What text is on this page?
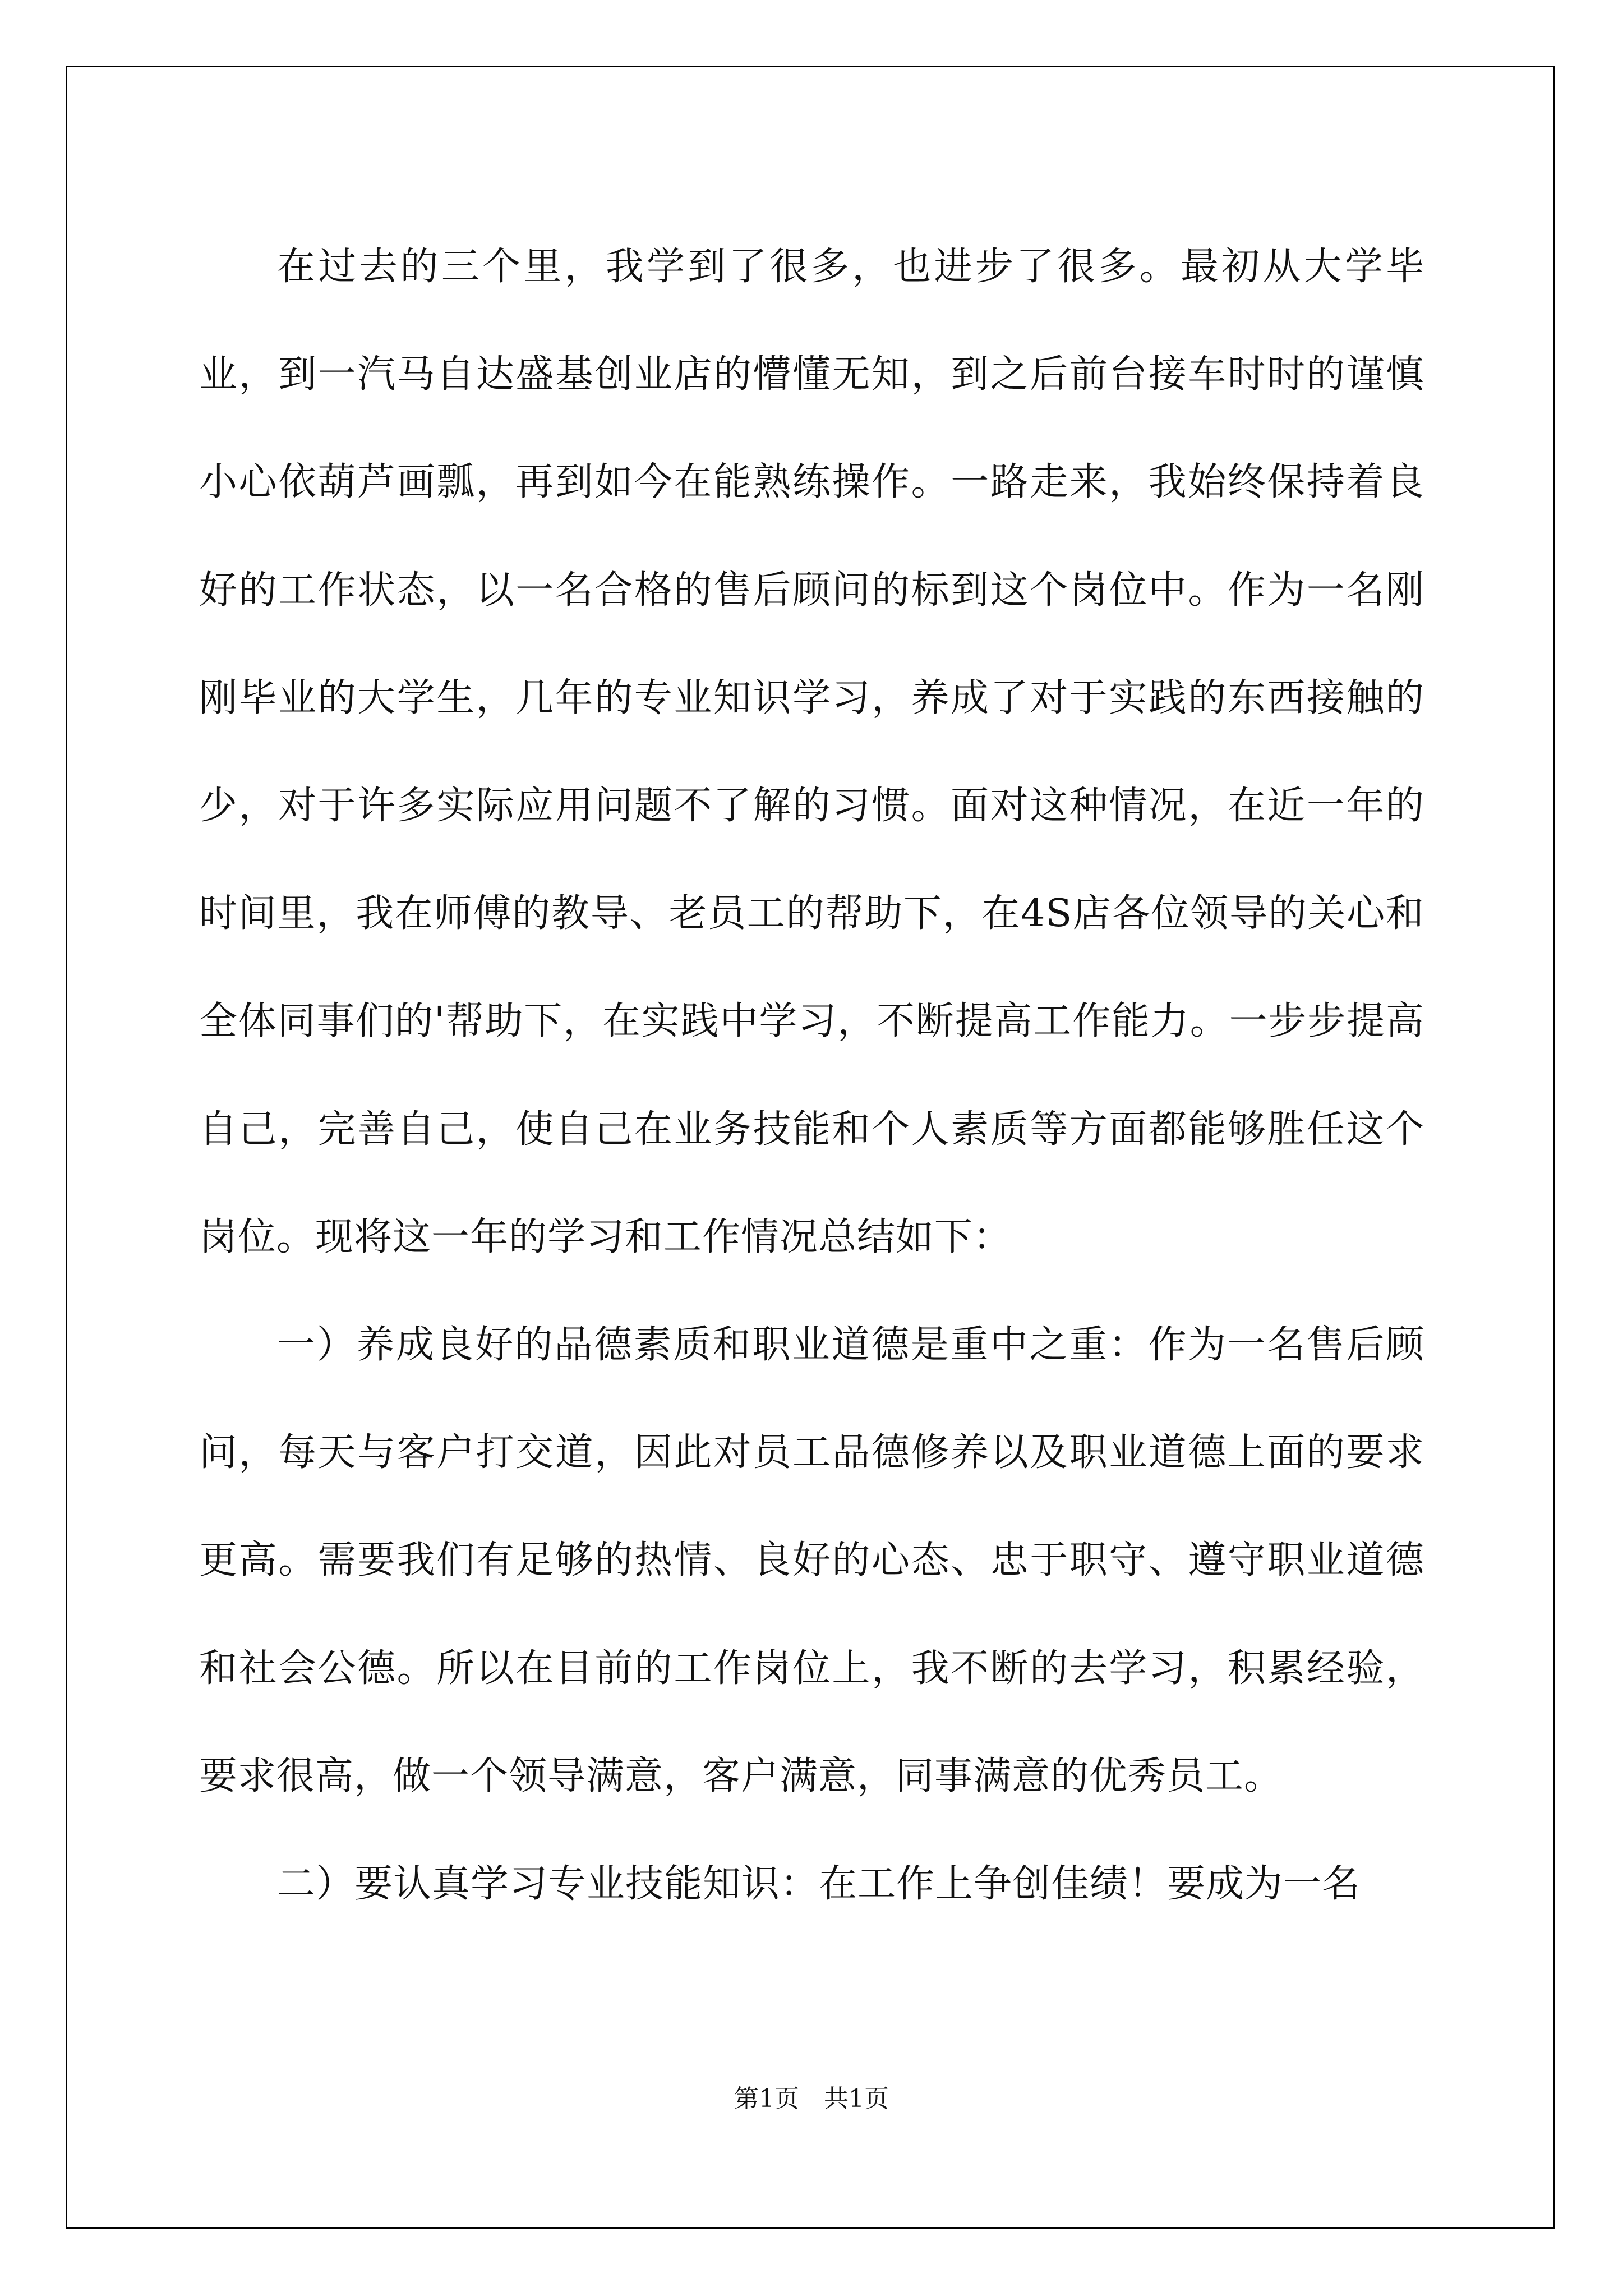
在过去的三个里，我学到了很多，也进步了很多。最初从大学毕业，到一汽马自达盛基创业店的懵懂无知，到之后前台接车时时的谨慎小心依葫芦画瓢，再到如今在能熟练操作。一路走来，我始终保持着良好的工作状态，以一名合格的售后顾问的标到这个岗位中。作为一名刚刚毕业的大学生，几年的专业知识学习，养成了对于实践的东西接触的少，对于许多实际应用问题不了解的习惯。面对这种情况，在近一年的时间里，我在师傅的教导、老员工的帮助下，在4S店各位领导的关心和全体同事们的'帮助下，在实践中学习，不断提高工作能力。一步步提高自己，完善自己，使自己在业务技能和个人素质等方面都能够胜任这个岗位。现将这一年的学习和工作情况总结如下：

一）养成良好的品德素质和职业道德是重中之重：作为一名售后顾问，每天与客户打交道，因此对员工品德修养以及职业道德上面的要求更高。需要我们有足够的热情、良好的心态、忠于职守、遵守职业道德和社会公德。所以在目前的工作岗位上，我不断的去学习，积累经验，要求很高，做一个领导满意，客户满意，同事满意的优秀员工。

二）要认真学习专业技能知识：在工作上争创佳绩！要成为一名

第1页　共1页
